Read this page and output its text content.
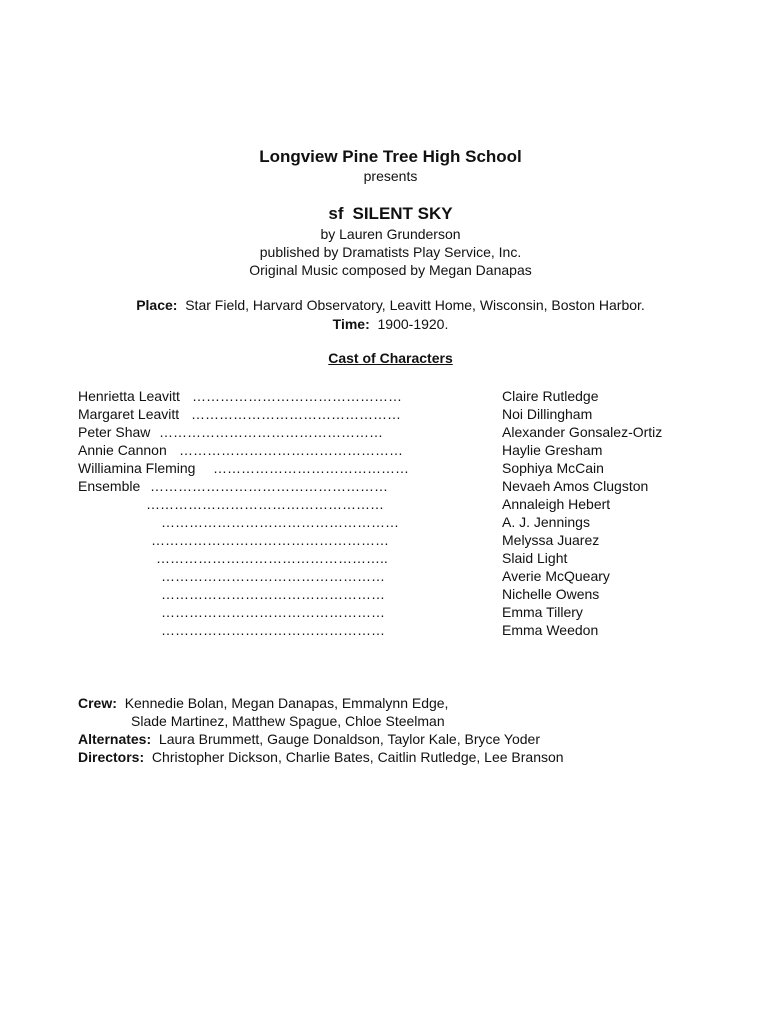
Longview Pine Tree High School
presents
sf SILENT SKY
by Lauren Grunderson
published by Dramatists Play Service, Inc.
Original Music composed by Megan Danapas
Place: Star Field, Harvard Observatory, Leavitt Home, Wisconsin, Boston Harbor.
Time: 1900-1920.
Cast of Characters
Henrietta Leavitt ………………………………………	Claire Rutledge
Margaret Leavitt ………………………………………	Noi Dillingham
Peter Shaw …………………………………………	Alexander Gonsalez-Ortiz
Annie Cannon …………………………………………	Haylie Gresham
Williamina Fleming ……………………………………	Sophiya McCain
Ensemble ……………………………………………	Nevaeh Amos Clugston
……………………………………………	Annaleigh Hebert
……………………………………………	A. J. Jennings
……………………………………………	Melyssa Juarez
…………………………………………..	Slaid Light
…………………………………………	Averie McQueary
…………………………………………	Nichelle Owens
…………………………………………	Emma Tillery
…………………………………………	Emma Weedon
Crew: Kennedie Bolan, Megan Danapas, Emmalynn Edge,
Slade Martinez, Matthew Spague, Chloe Steelman
Alternates: Laura Brummett, Gauge Donaldson, Taylor Kale, Bryce Yoder
Directors: Christopher Dickson, Charlie Bates, Caitlin Rutledge, Lee Branson
